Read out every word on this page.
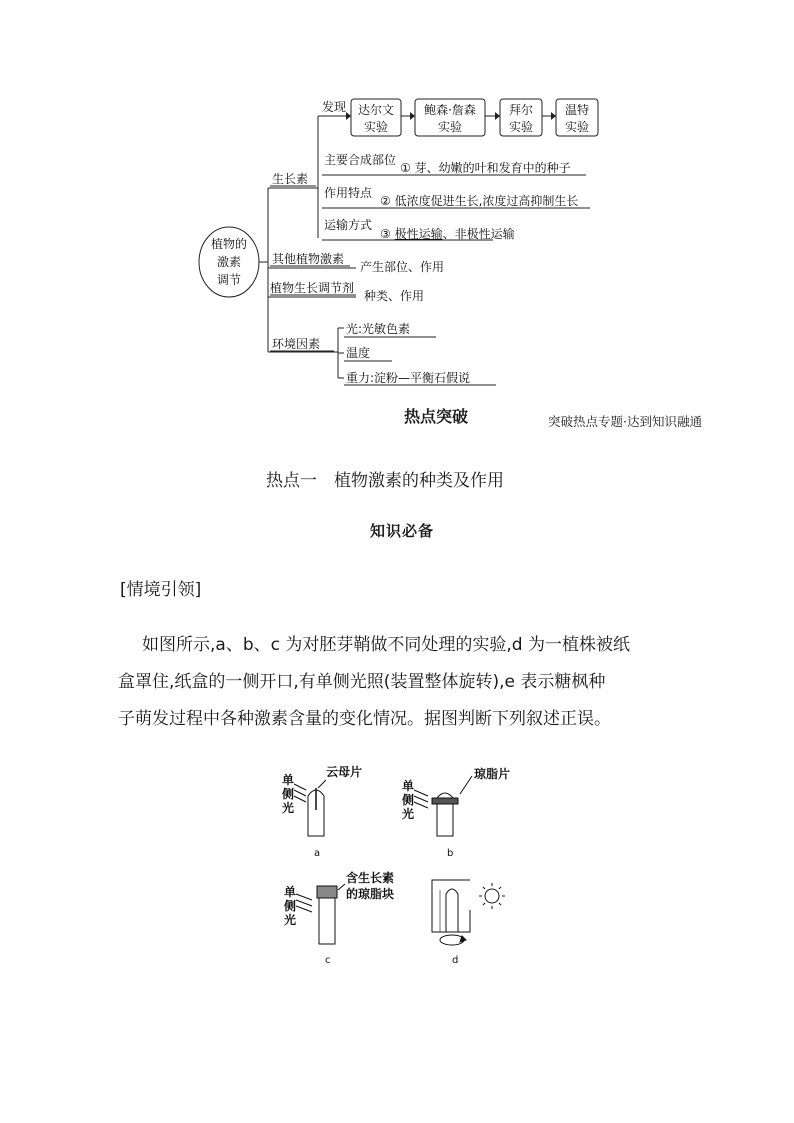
植物的
激素
调节
生长素
发现 达尔文
实验
鲍森·詹森
实验
拜尔
实验
温特
实验
主要合成部位
① 芽、幼嫩的叶和发育中的种子
作用特点
② 低浓度促进生长,浓度过高抑制生长
运输方式
③ 极性运输、非极性运输
其他植物激素
产生部位、作用
植物生长调节剂
种类、作用
环境因素
光:光敏色素
温度
重力:淀粉—平衡石假说
热点突破	突破热点专题·达到知识融通
热点一　植物激素的种类及作用
知识必备
[情境引领]
如图所示,a、b、c 为对胚芽鞘做不同处理的实验,d 为一植株被纸
盒罩住,纸盒的一侧开口,有单侧光照(装置整体旋转),e 表示糖枫种
子萌发过程中各种激素含量的变化情况。据图判断下列叙述正误。
单
侧
光
云母片
a
单
侧
光
琼脂片
b
单
侧
光
含生长素
的琼脂块
c	d
